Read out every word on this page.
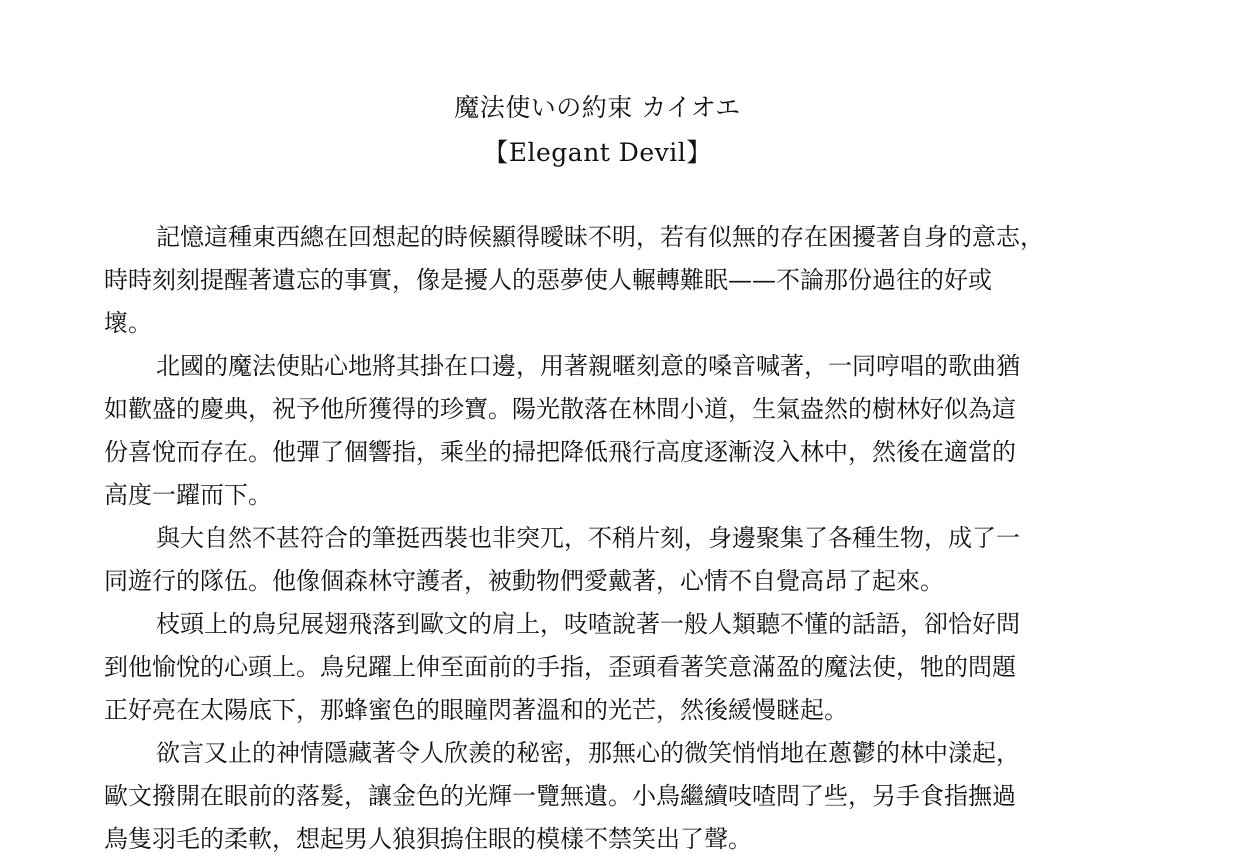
魔法使いの約束 カイオエ
【Elegant Devil】

記憶這種東西總在回想起的時候顯得曖昧不明，若有似無的存在困擾著自身的意志，
時時刻刻提醒著遺忘的事實，像是擾人的惡夢使人輾轉難眠——不論那份過往的好或
壞。

北國的魔法使貼心地將其掛在口邊，用著親暱刻意的嗓音喊著，一同哼唱的歌曲猶
如歡盛的慶典，祝予他所獲得的珍寶。陽光散落在林間小道，生氣盎然的樹林好似為這
份喜悅而存在。他彈了個響指，乘坐的掃把降低飛行高度逐漸沒入林中，然後在適當的
高度一躍而下。

與大自然不甚符合的筆挺西裝也非突兀，不稍片刻，身邊聚集了各種生物，成了一
同遊行的隊伍。他像個森林守護者，被動物們愛戴著，心情不自覺高昂了起來。

枝頭上的鳥兒展翅飛落到歐文的肩上，吱喳說著一般人類聽不懂的話語，卻恰好問
到他愉悅的心頭上。鳥兒躍上伸至面前的手指，歪頭看著笑意滿盈的魔法使，牠的問題
正好亮在太陽底下，那蜂蜜色的眼瞳閃著溫和的光芒，然後緩慢瞇起。

欲言又止的神情隱藏著令人欣羨的秘密，那無心的微笑悄悄地在蔥鬱的林中漾起，
歐文撥開在眼前的落髮，讓金色的光輝一覽無遺。小鳥繼續吱喳問了些，另手食指撫過
鳥隻羽毛的柔軟，想起男人狼狽摀住眼的模樣不禁笑出了聲。
